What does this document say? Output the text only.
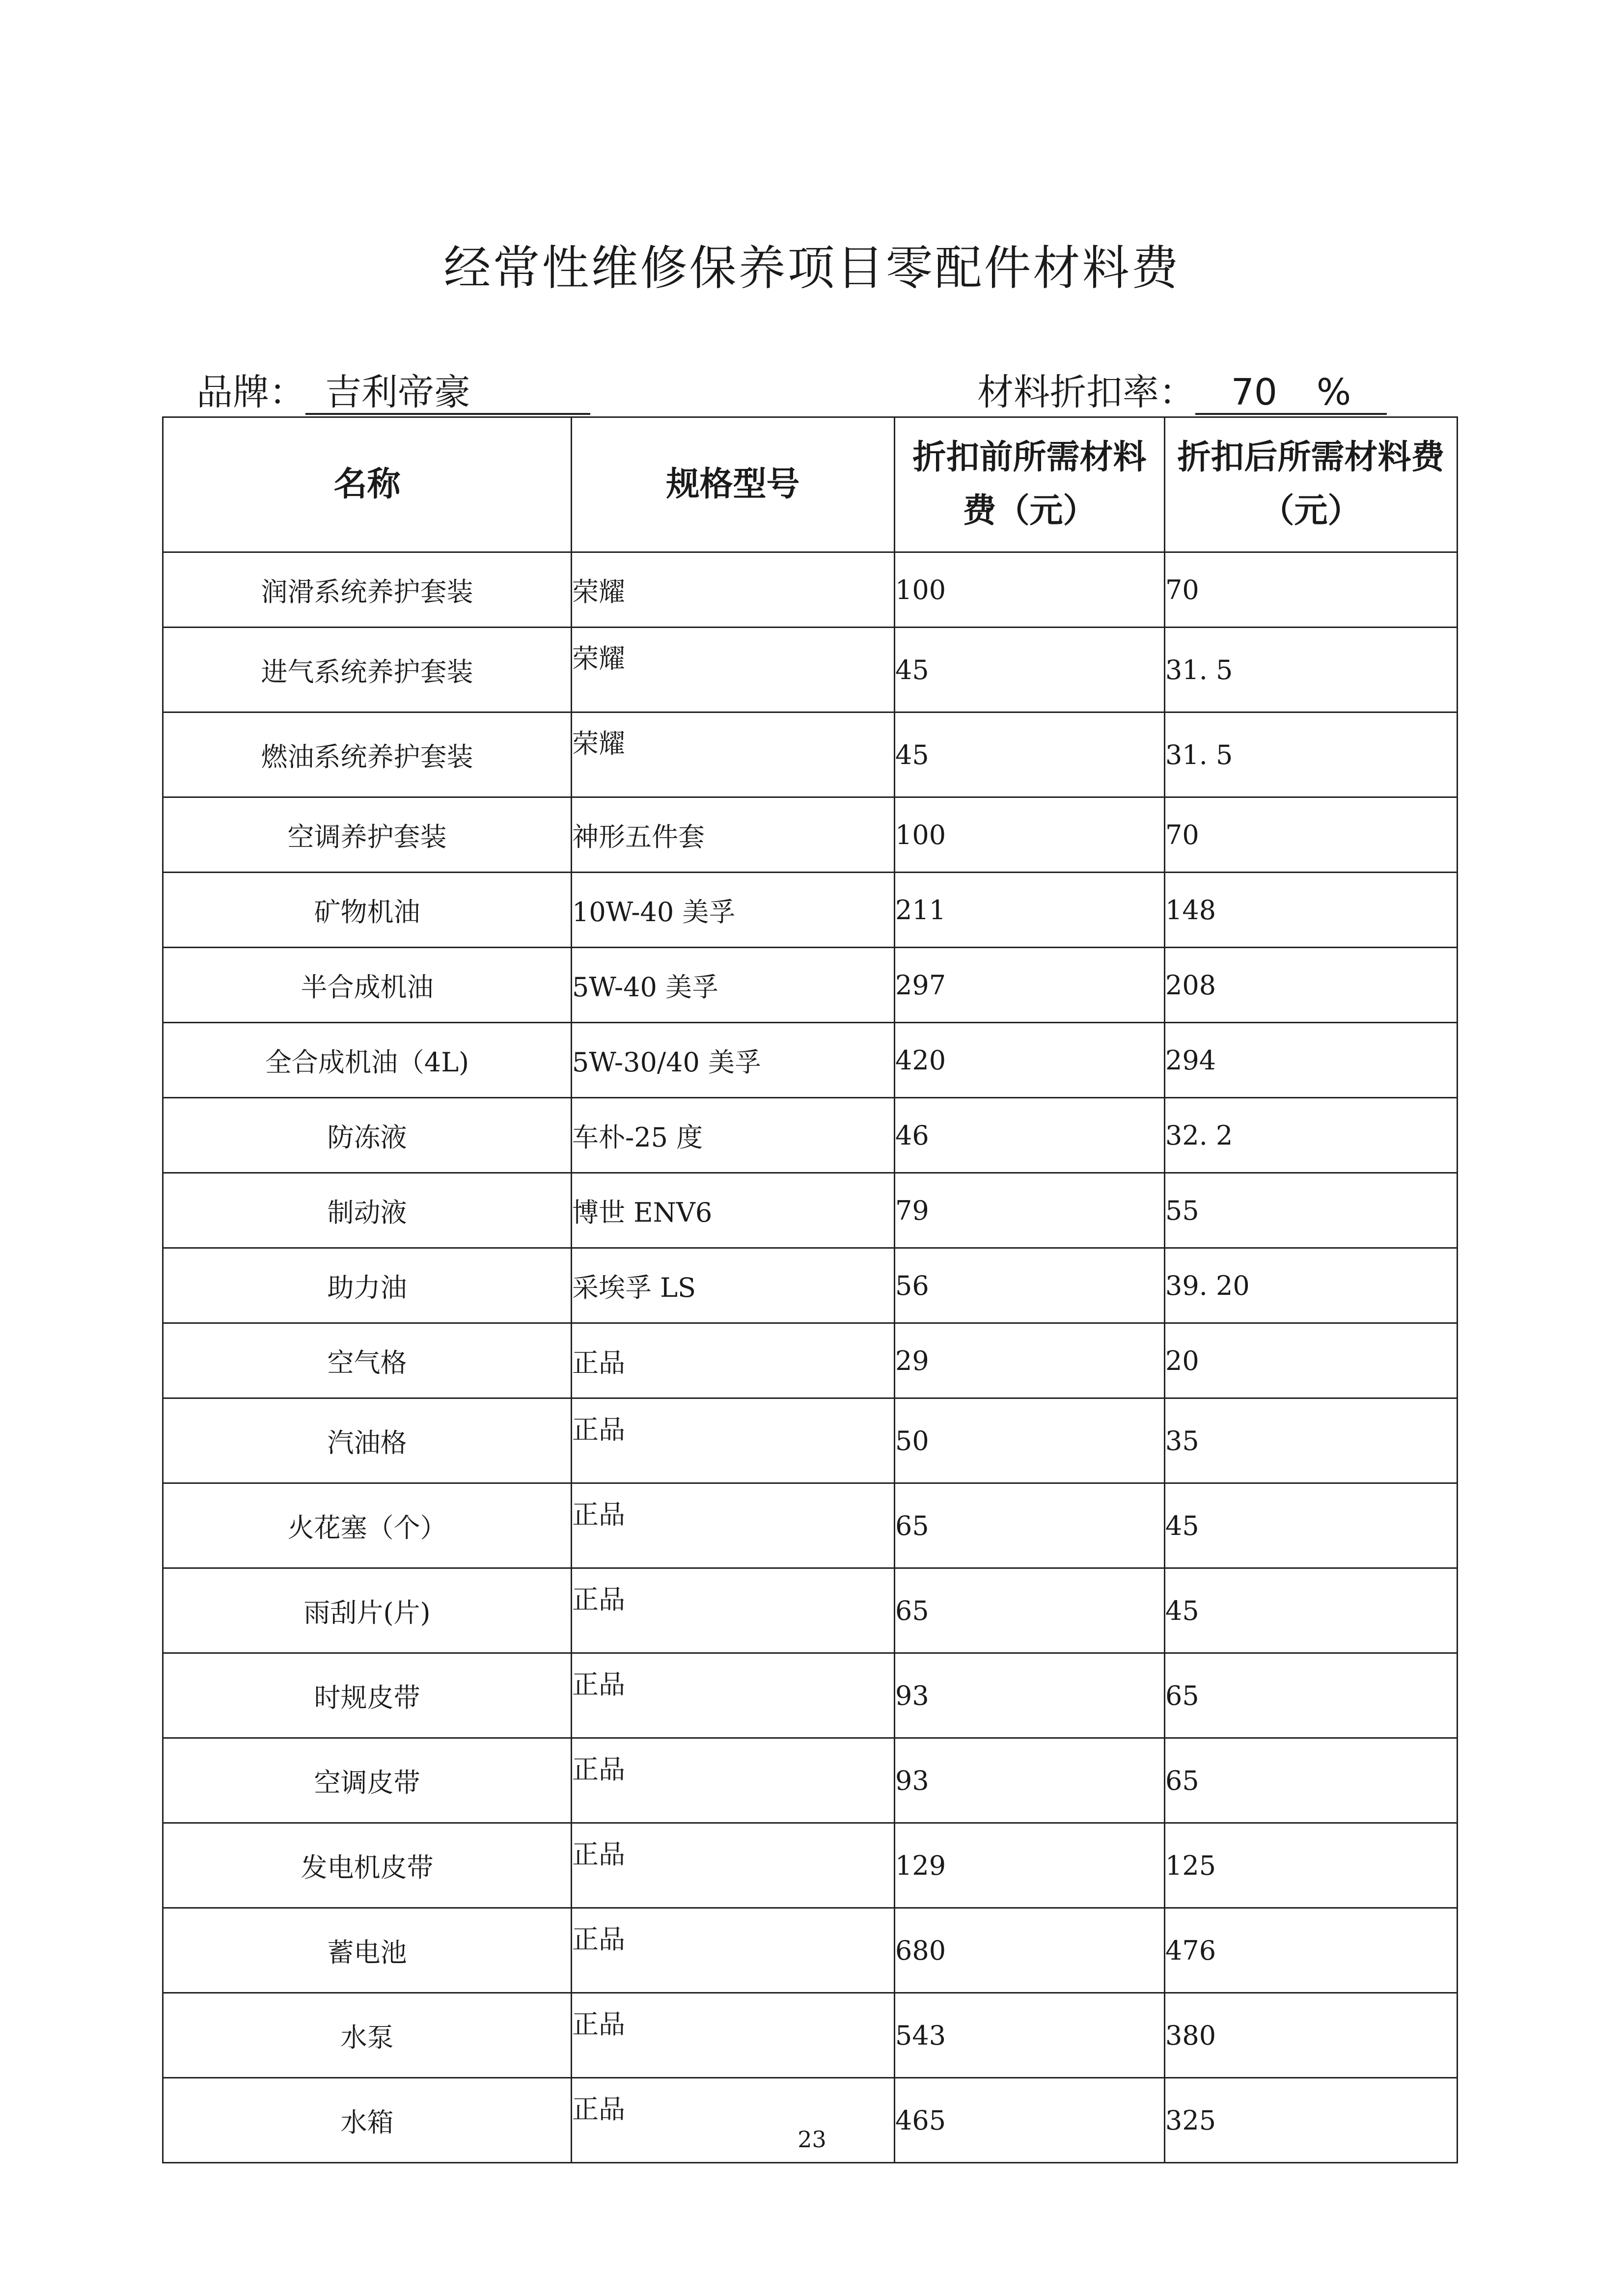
经常性维修保养项目零配件材料费
品牌： 吉利帝豪	材料折扣率： 70 %
名称	规格型号	折扣前所需材料费（元）	折扣后所需材料费（元）
润滑系统养护套装	荣耀	100	70
进气系统养护套装	荣耀	45	31. 5
燃油系统养护套装	荣耀	45	31. 5
空调养护套装	神形五件套	100	70
矿物机油	10W-40 美孚	211	148
半合成机油	5W-40 美孚	297	208
全合成机油（4L)	5W-30/40 美孚	420	294
防冻液	车朴-25 度	46	32. 2
制动液	博世 ENV6	79	55
助力油	采埃孚 LS	56	39. 20
空气格	正品	29	20
汽油格	正品	50	35
火花塞（个）	正品	65	45
雨刮片(片)	正品	65	45
时规皮带	正品	93	65
空调皮带	正品	93	65
发电机皮带	正品	129	125
蓄电池	正品	680	476
水泵	正品	543	380
水箱	正品	465	325
23
